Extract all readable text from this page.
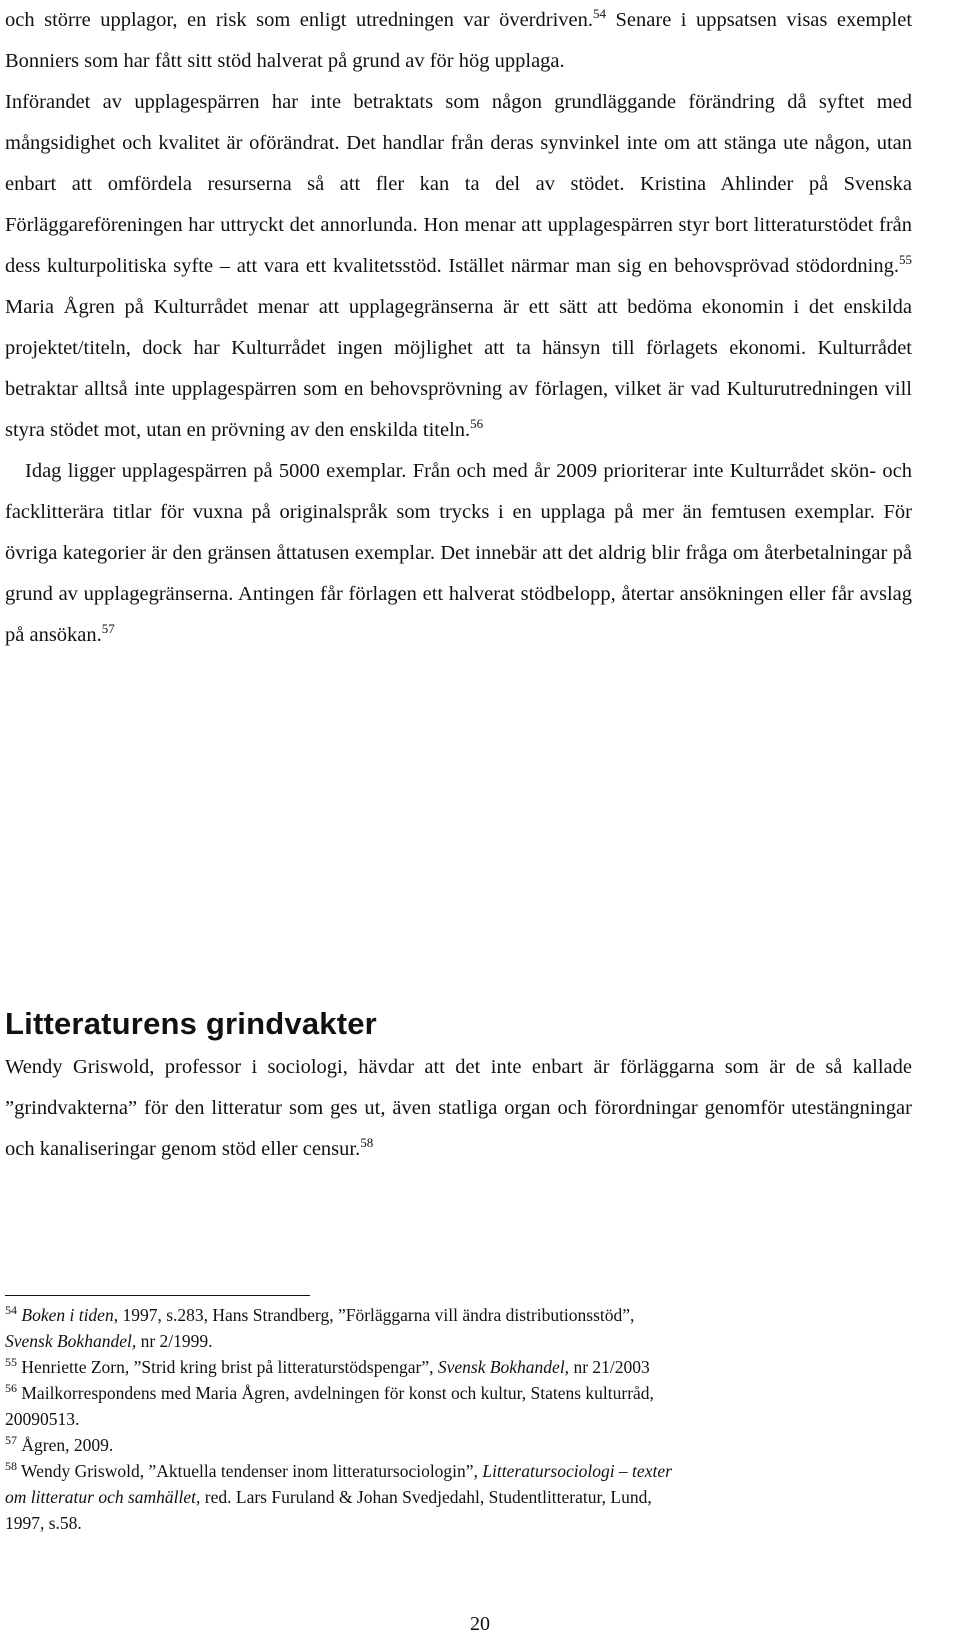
och större upplagor, en risk som enligt utredningen var överdriven.$^{54}$ Senare i uppsatsen visas exemplet Bonniers som har fått sitt stöd halverat på grund av för hög upplaga.

Införandet av upplagespärren har inte betraktats som någon grundläggande förändring då syftet med mångsidighet och kvalitet är oförändrat. Det handlar från deras synvinkel inte om att stänga ute någon, utan enbart att omfördela resurserna så att fler kan ta del av stödet. Kristina Ahlinder på Svenska Förläggareföreningen har uttryckt det annorlunda. Hon menar att upplagespärren styr bort litteraturstödet från dess kulturpolitiska syfte – att vara ett kvalitetsstöd. Istället närmar man sig en behovsprövad stödordning.$^{55}$ Maria Ågren på Kulturrådet menar att upplagegränserna är ett sätt att bedöma ekonomin i det enskilda projektet/titeln, dock har Kulturrådet ingen möjlighet att ta hänsyn till förlagets ekonomi. Kulturrådet betraktar alltså inte upplagespärren som en behovsprövning av förlagen, vilket är vad Kulturutredningen vill styra stödet mot, utan en prövning av den enskilda titeln.$^{56}$

Idag ligger upplagespärren på 5000 exemplar. Från och med år 2009 prioriterar inte Kulturrådet skön- och facklitterära titlar för vuxna på originalspråk som trycks i en upplaga på mer än femtusen exemplar. För övriga kategorier är den gränsen åttatusen exemplar. Det innebär att det aldrig blir fråga om återbetalningar på grund av upplagegränserna. Antingen får förlagen ett halverat stödbelopp, återtar ansökningen eller får avslag på ansökan.$^{57}$

Litteraturens grindvakter

Wendy Griswold, professor i sociologi, hävdar att det inte enbart är förläggarna som är de så kallade ”grindvakterna” för den litteratur som ges ut, även statliga organ och förordningar genomför utestängningar och kanaliseringar genom stöd eller censur.$^{58}$

$^{54}$ Boken i tiden, 1997, s.283, Hans Strandberg, ”Förläggarna vill ändra distributionsstöd”,
Svensk Bokhandel, nr 2/1999.

$^{55}$ Henriette Zorn, ”Strid kring brist på litteraturstödspengar”, Svensk Bokhandel, nr 21/2003

$^{56}$ Mailkorrespondens med Maria Ågren, avdelningen för konst och kultur, Statens kulturråd,
20090513.

$^{57}$ Ågren, 2009.

$^{58}$ Wendy Griswold, ”Aktuella tendenser inom litteratursociologin”, Litteratursociologi – texter
om litteratur och samhället, red. Lars Furuland & Johan Svedjedahl, Studentlitteratur, Lund,
1997, s.58.

20
